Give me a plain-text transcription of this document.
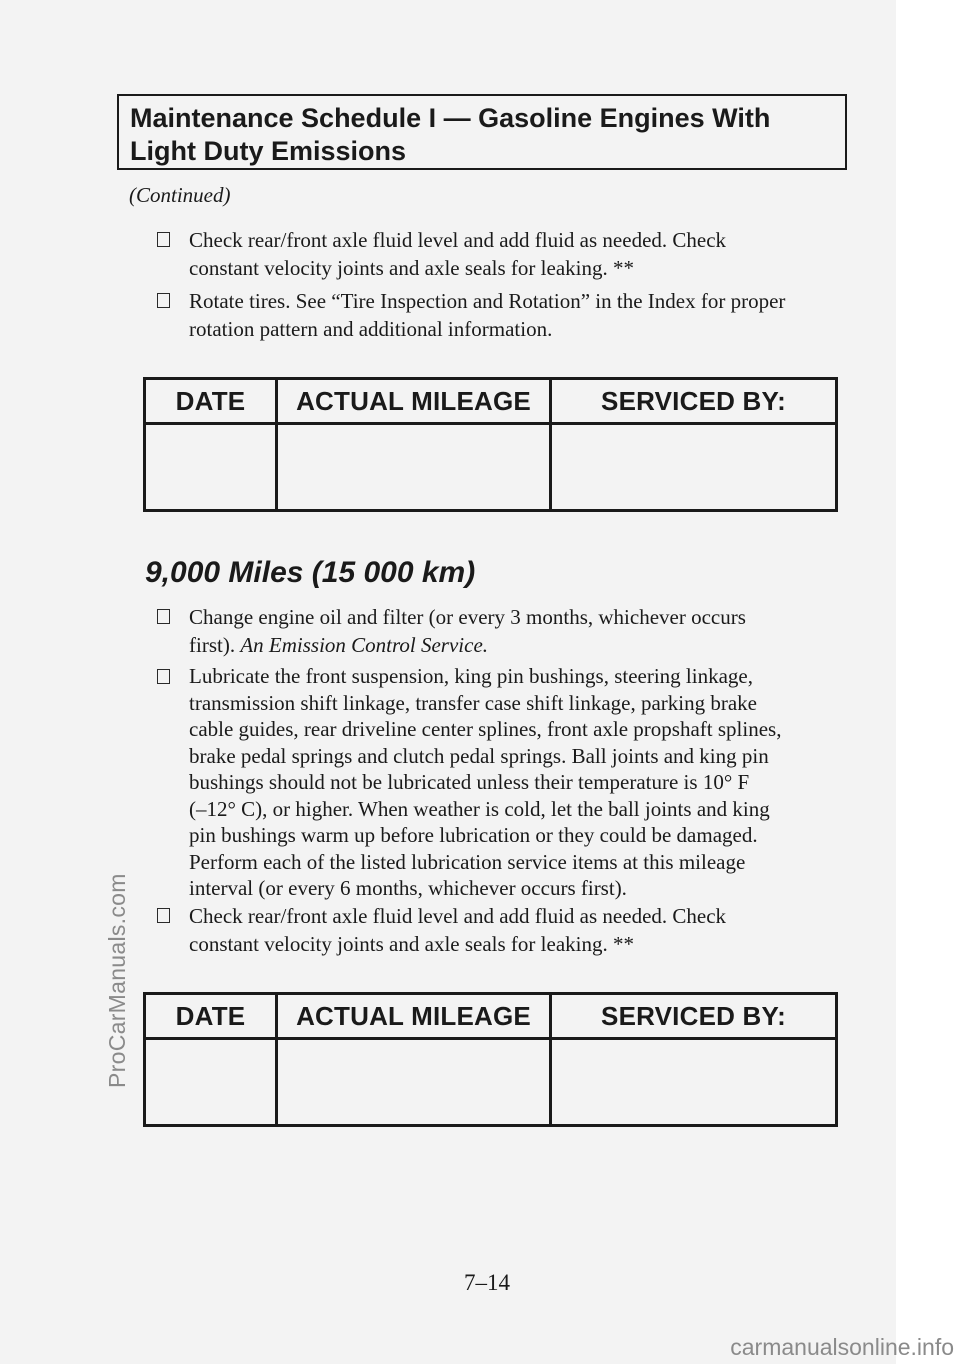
Maintenance Schedule I — Gasoline Engines With
Light Duty Emissions
(Continued)
Check rear/front axle fluid level and add fluid as needed. Check
constant velocity joints and axle seals for leaking. **
Rotate tires. See “Tire Inspection and Rotation” in the Index for proper
rotation pattern and additional information.
DATE	ACTUAL MILEAGE	SERVICED BY:

9,000 Miles (15 000 km)
Change engine oil and filter (or every 3 months, whichever occurs
first). An Emission Control Service.
Lubricate the front suspension, king pin bushings, steering linkage,
transmission shift linkage, transfer case shift linkage, parking brake
cable guides, rear driveline center splines, front axle propshaft splines,
brake pedal springs and clutch pedal springs. Ball joints and king pin
bushings should not be lubricated unless their temperature is 10° F
(–12° C), or higher. When weather is cold, let the ball joints and king
pin bushings warm up before lubrication or they could be damaged.
Perform each of the listed lubrication service items at this mileage
interval (or every 6 months, whichever occurs first).
Check rear/front axle fluid level and add fluid as needed. Check
constant velocity joints and axle seals for leaking. **
DATE	ACTUAL MILEAGE	SERVICED BY:

7–14
ProCarManuals.com
carmanualsonline.info
